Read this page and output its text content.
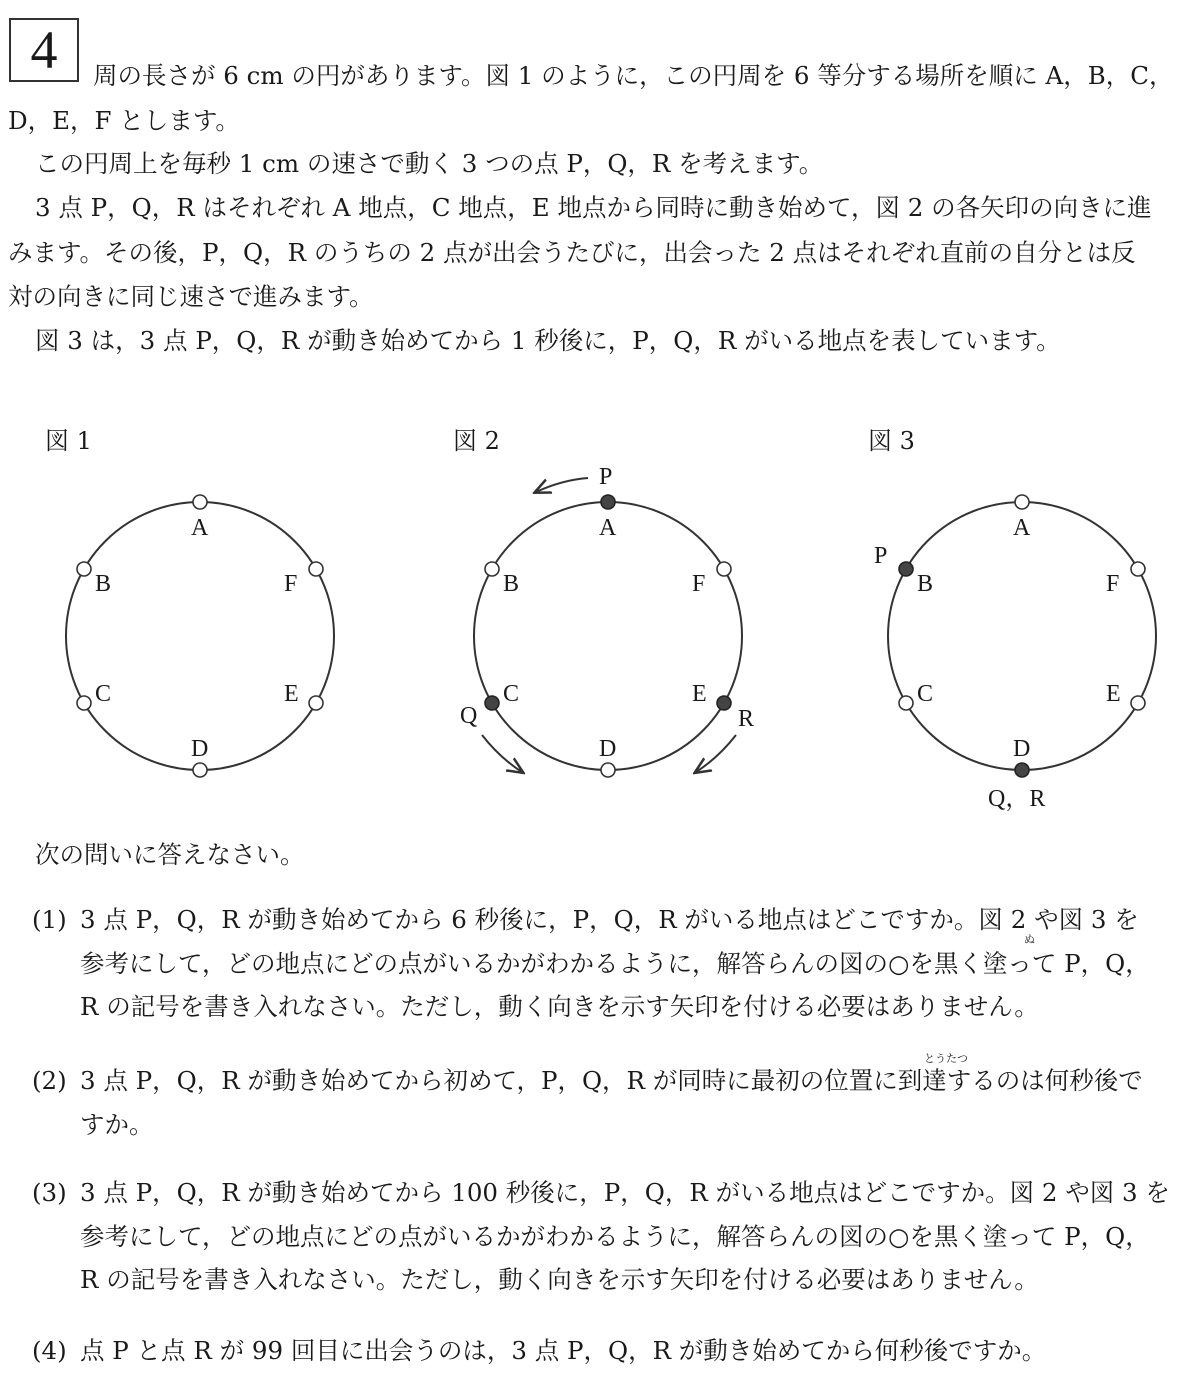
4	周の長さが 6 cm の円があります。図 1 のように，この円周を 6 等分する場所を順に A，B，C，
D，E，F とします。
この円周上を毎秒 1 cm の速さで動く 3 つの点 P，Q，R を考えます。
3 点 P，Q，R はそれぞれ A 地点，C 地点，E 地点から同時に動き始めて，図 2 の各矢印の向きに進
みます。その後，P，Q，R のうちの 2 点が出会うたびに，出会った 2 点はそれぞれ直前の自分とは反
対の向きに同じ速さで進みます。
図 3 は，3 点 P，Q，R が動き始めてから 1 秒後に，P，Q，R がいる地点を表しています。
図 1	図 2	図 3
A
B
C
D
E
F
A
B
C
D
E
F
P
Q	R
A
B
C
D
E
F
P
Q，R
次の問いに答えなさい。
(1) 3 点 P，Q，R が動き始めてから 6 秒後に，P，Q，R がいる地点はどこですか。図 2 や図 3 を
参考にして，どの地点にどの点がいるかがわかるように，解答らんの図の○を黒く塗って P，Q，
ぬ
R の記号を書き入れなさい。ただし，動く向きを示す矢印を付ける必要はありません。
(2) 3 点 P，Q，R が動き始めてから初めて，P，Q，R が同時に最初の位置に到達するのは何秒後で
とうたつ
すか。
(3) 3 点 P，Q，R が動き始めてから 100 秒後に，P，Q，R がいる地点はどこですか。図 2 や図 3 を
参考にして，どの地点にどの点がいるかがわかるように，解答らんの図の○を黒く塗って P，Q，
R の記号を書き入れなさい。ただし，動く向きを示す矢印を付ける必要はありません。
(4) 点 P と点 R が 99 回目に出会うのは，3 点 P，Q，R が動き始めてから何秒後ですか。
